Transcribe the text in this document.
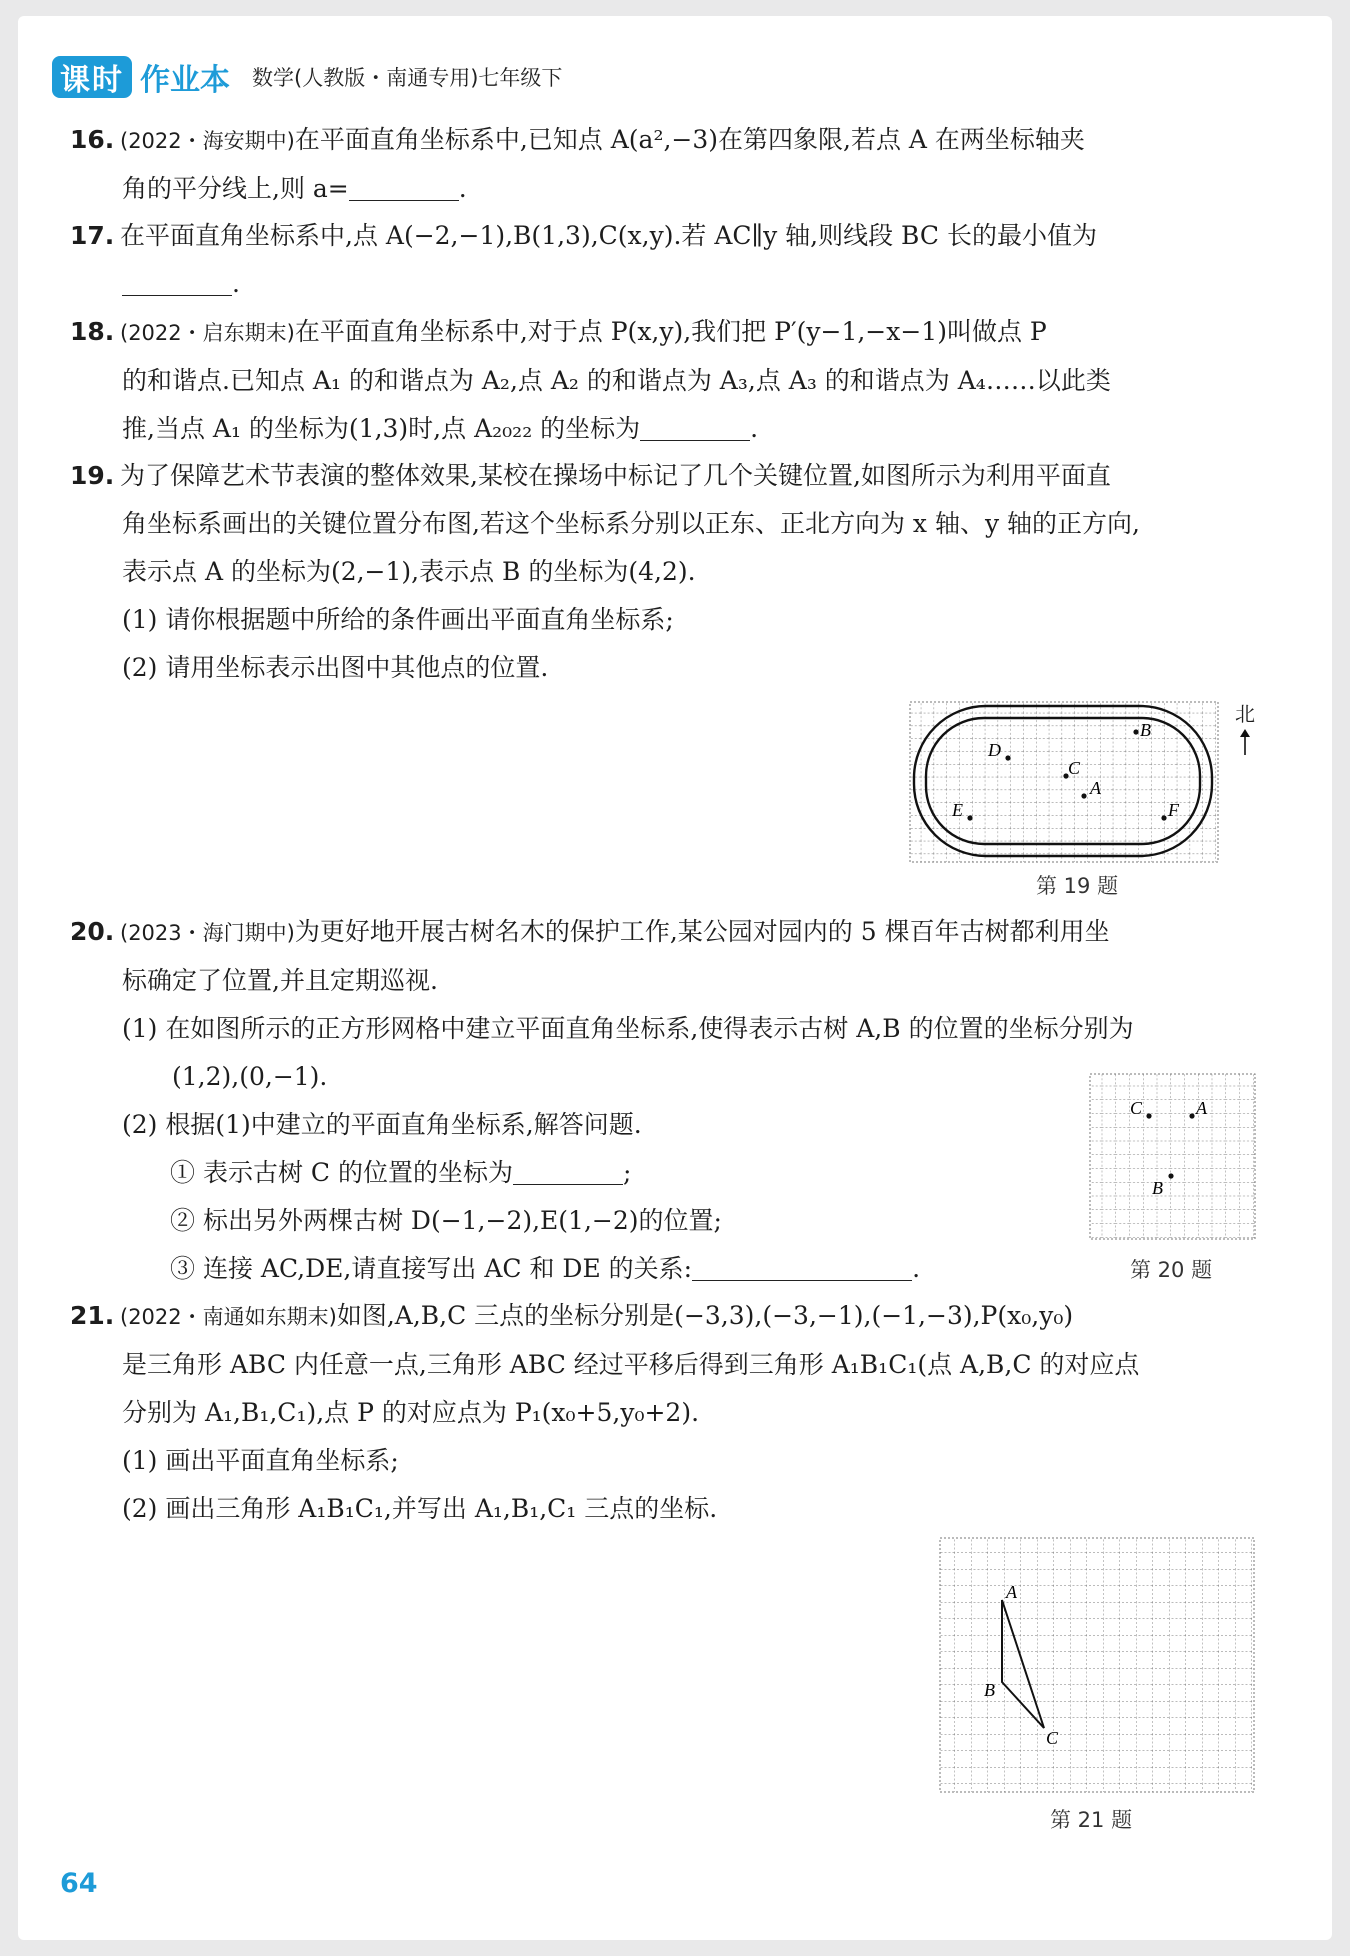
课时 作业本 数学(人教版・南通专用)七年级下
16. (2022・海安期中)在平面直角坐标系中,已知点 A(a²,−3)在第四象限,若点 A 在两坐标轴夹
角的平分线上,则 a=	.
17. 在平面直角坐标系中,点 A(−2,−1),B(1,3),C(x,y).若 AC∥y 轴,则线段 BC 长的最小值为
.
18. (2022・启东期末)在平面直角坐标系中,对于点 P(x,y),我们把 P′(y−1,−x−1)叫做点 P
的和谐点.已知点 A₁ 的和谐点为 A₂,点 A₂ 的和谐点为 A₃,点 A₃ 的和谐点为 A₄……以此类
推,当点 A₁ 的坐标为(1,3)时,点 A₂₀₂₂ 的坐标为	.
19. 为了保障艺术节表演的整体效果,某校在操场中标记了几个关键位置,如图所示为利用平面直
角坐标系画出的关键位置分布图,若这个坐标系分别以正东、正北方向为 x 轴、y 轴的正方向,
表示点 A 的坐标为(2,−1),表示点 B 的坐标为(4,2).
(1) 请你根据题中所给的条件画出平面直角坐标系;
(2) 请用坐标表示出图中其他点的位置.
D
B
C
A
E	F
北
第 19 题
20. (2023・海门期中)为更好地开展古树名木的保护工作,某公园对园内的 5 棵百年古树都利用坐
标确定了位置,并且定期巡视.
(1) 在如图所示的正方形网格中建立平面直角坐标系,使得表示古树 A,B 的位置的坐标分别为
(1,2),(0,−1).
(2) 根据(1)中建立的平面直角坐标系,解答问题.
① 表示古树 C 的位置的坐标为	;
② 标出另外两棵古树 D(−1,−2),E(1,−2)的位置;
③ 连接 AC,DE,请直接写出 AC 和 DE 的关系:	.
C	A
B
第 20 题
21. (2022・南通如东期末)如图,A,B,C 三点的坐标分别是(−3,3),(−3,−1),(−1,−3),P(x₀,y₀)
是三角形 ABC 内任意一点,三角形 ABC 经过平移后得到三角形 A₁B₁C₁(点 A,B,C 的对应点
分别为 A₁,B₁,C₁),点 P 的对应点为 P₁(x₀+5,y₀+2).
(1) 画出平面直角坐标系;
(2) 画出三角形 A₁B₁C₁,并写出 A₁,B₁,C₁ 三点的坐标.
A
B
C
第 21 题
64
